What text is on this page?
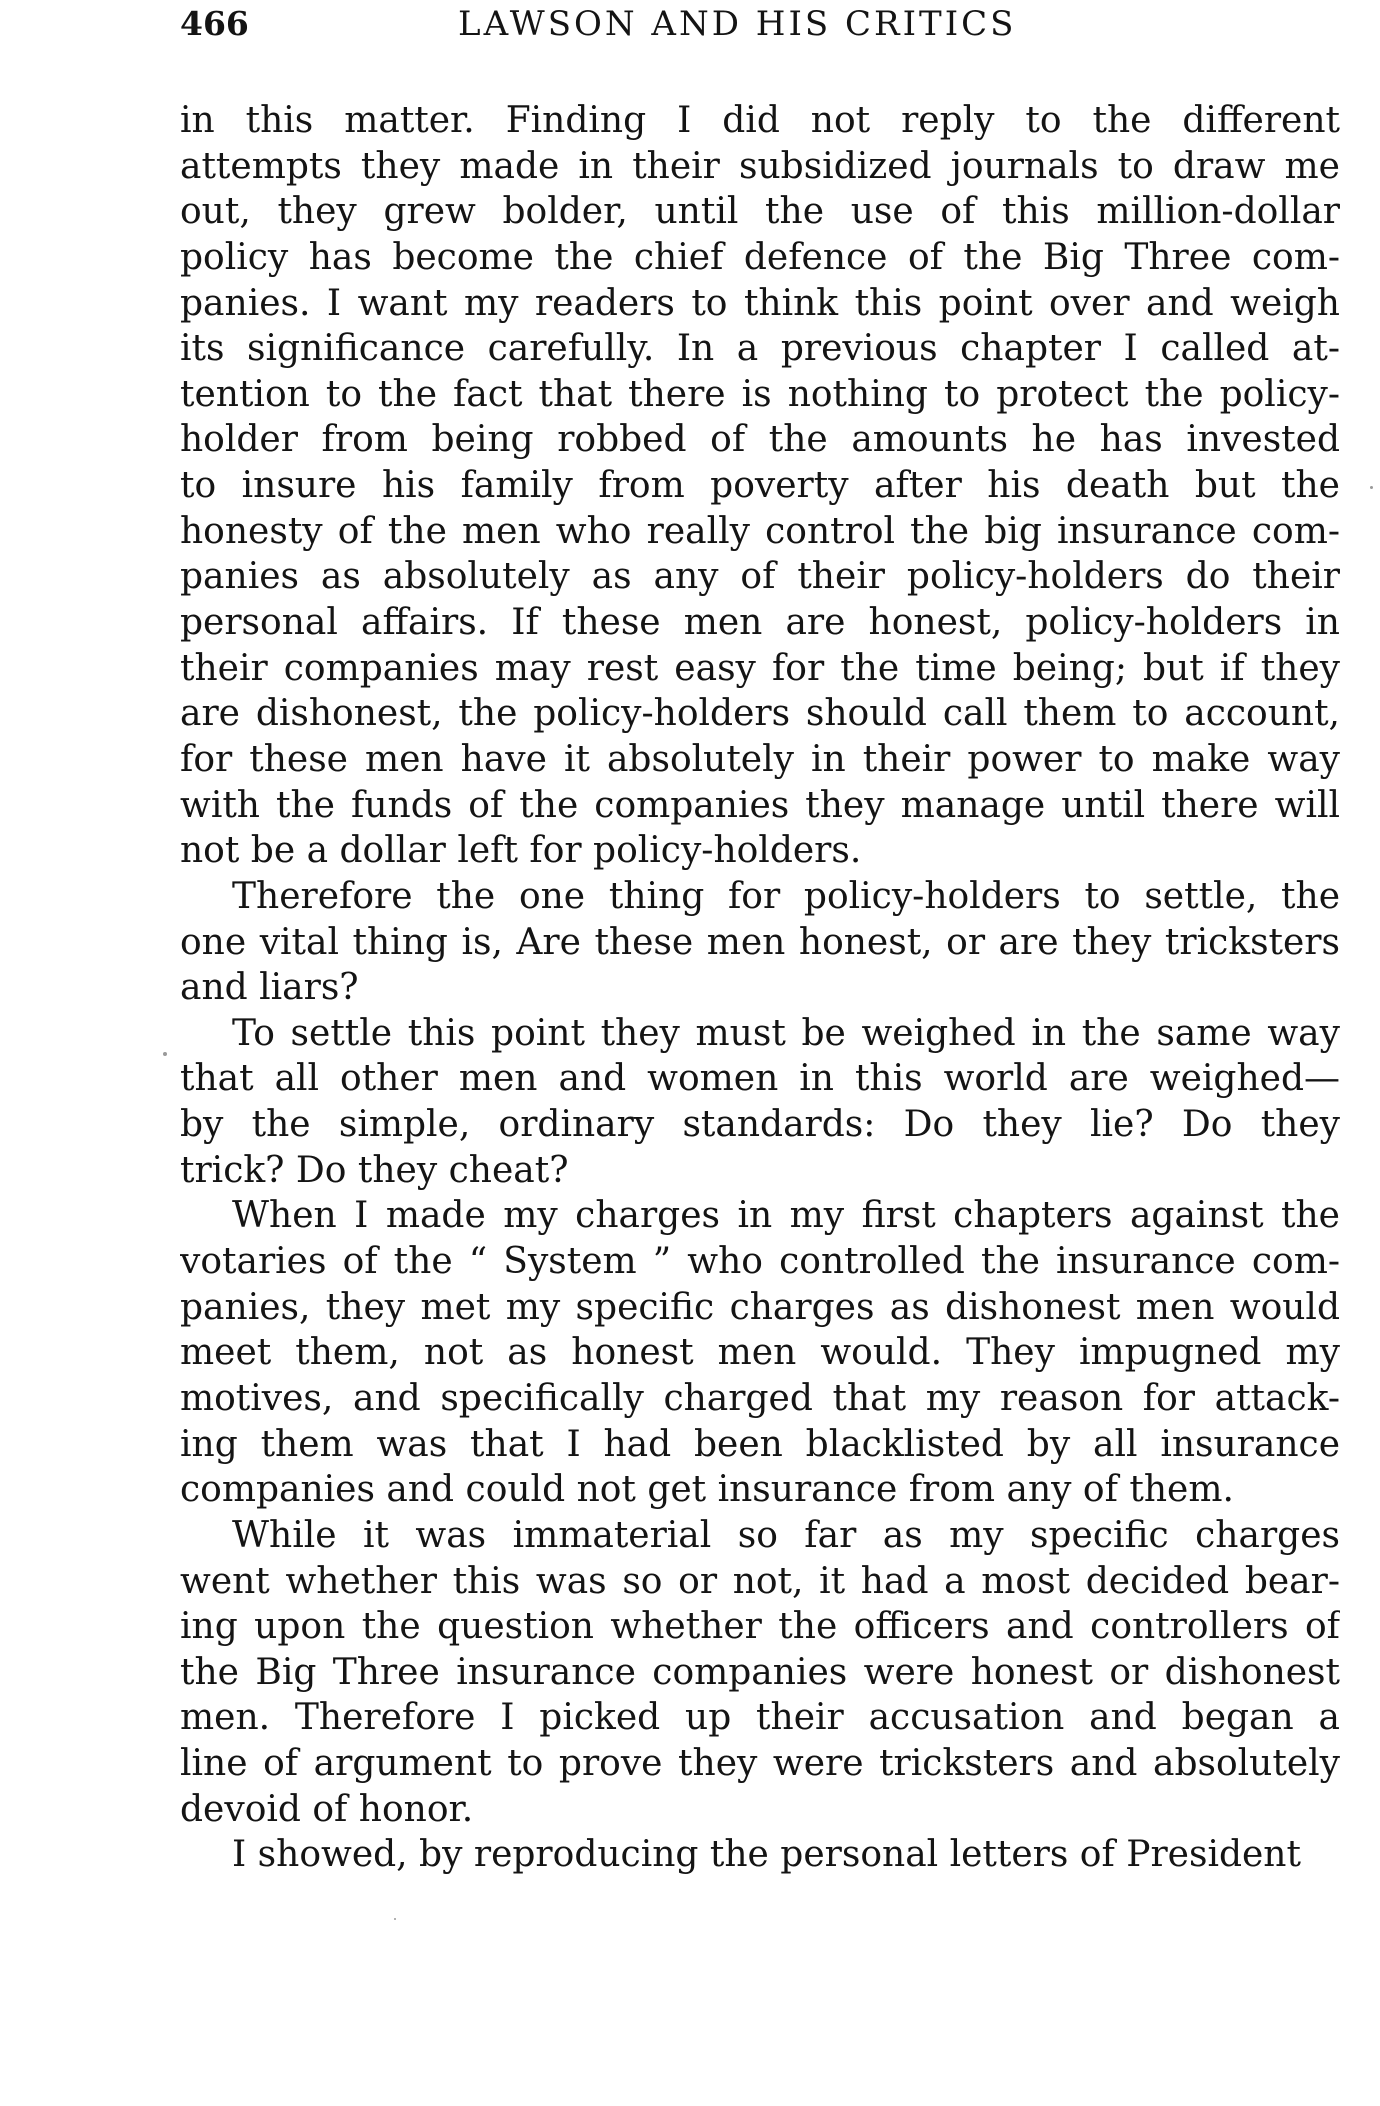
466	LAWSON AND HIS CRITICS
in this matter. Finding I did not reply to the different
attempts they made in their subsidized journals to draw me
out, they grew bolder, until the use of this million-dollar
policy has become the chief defence of the Big Three com-
panies. I want my readers to think this point over and weigh
its significance carefully. In a previous chapter I called at-
tention to the fact that there is nothing to protect the policy-
holder from being robbed of the amounts he has invested
to insure his family from poverty after his death but the
honesty of the men who really control the big insurance com-
panies as absolutely as any of their policy-holders do their
personal affairs. If these men are honest, policy-holders in
their companies may rest easy for the time being; but if they
are dishonest, the policy-holders should call them to account,
for these men have it absolutely in their power to make way
with the funds of the companies they manage until there will
not be a dollar left for policy-holders.
Therefore the one thing for policy-holders to settle, the
one vital thing is, Are these men honest, or are they tricksters
and liars?
To settle this point they must be weighed in the same way
that all other men and women in this world are weighed—
by the simple, ordinary standards: Do they lie? Do they
trick? Do they cheat?
When I made my charges in my first chapters against the
votaries of the “ System ” who controlled the insurance com-
panies, they met my specific charges as dishonest men would
meet them, not as honest men would. They impugned my
motives, and specifically charged that my reason for attack-
ing them was that I had been blacklisted by all insurance
companies and could not get insurance from any of them.
While it was immaterial so far as my specific charges
went whether this was so or not, it had a most decided bear-
ing upon the question whether the officers and controllers of
the Big Three insurance companies were honest or dishonest
men. Therefore I picked up their accusation and began a
line of argument to prove they were tricksters and absolutely
devoid of honor.
I showed, by reproducing the personal letters of President
